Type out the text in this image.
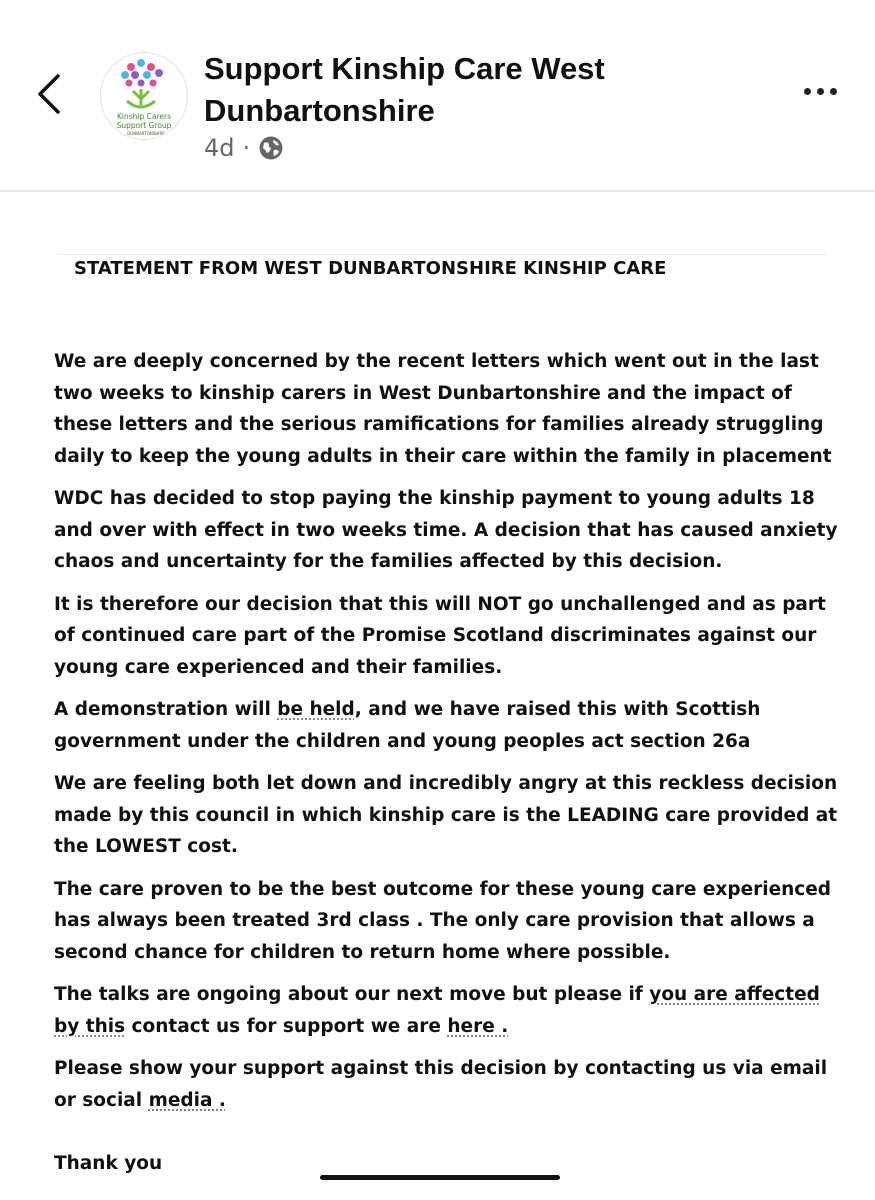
Kinship Carers
Support Group
DUNBARTONSHIRE
Support Kinship Care West
Dunbartonshire
4d ·
STATEMENT FROM WEST DUNBARTONSHIRE KINSHIP CARE

We are deeply concerned by the recent letters which went out in the last
two weeks to kinship carers in West Dunbartonshire and the impact of
these letters and the serious ramifications for families already struggling
daily to keep the young adults in their care within the family in placement

WDC has decided to stop paying the kinship payment to young adults 18
and over with effect in two weeks time. A decision that has caused anxiety
chaos and uncertainty for the families affected by this decision.

It is therefore our decision that this will NOT go unchallenged and as part
of continued care part of the Promise Scotland discriminates against our
young care experienced and their families.

A demonstration will be held, and we have raised this with Scottish
government under the children and young peoples act section 26a

We are feeling both let down and incredibly angry at this reckless decision
made by this council in which kinship care is the LEADING care provided at
the LOWEST cost.

The care proven to be the best outcome for these young care experienced
has always been treated 3rd class . The only care provision that allows a
second chance for children to return home where possible.

The talks are ongoing about our next move but please if you are affected
by this contact us for support we are here .

Please show your support against this decision by contacting us via email
or social media .

Thank you
